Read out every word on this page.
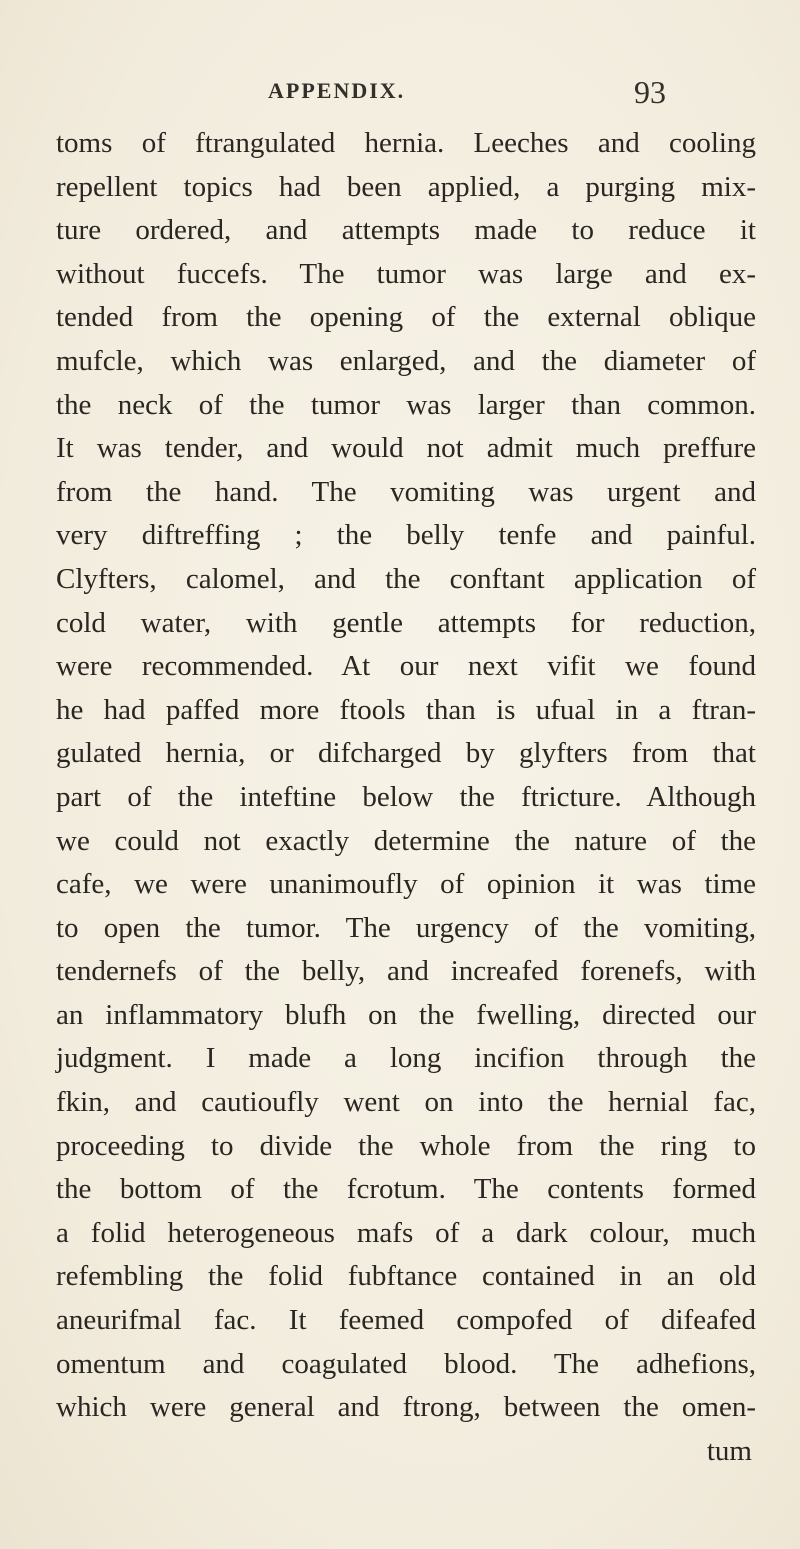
APPENDIX.	93
toms of ftrangulated hernia. Leeches and cooling
repellent topics had been applied, a purging mix-
ture ordered, and attempts made to reduce it
without fuccefs. The tumor was large and ex-
tended from the opening of the external oblique
mufcle, which was enlarged, and the diameter of
the neck of the tumor was larger than common.
It was tender, and would not admit much preffure
from the hand. The vomiting was urgent and
very diftreffing ; the belly tenfe and painful.
Clyfters, calomel, and the conftant application of
cold water, with gentle attempts for reduction,
were recommended. At our next vifit we found
he had paffed more ftools than is ufual in a ftran-
gulated hernia, or difcharged by glyfters from that
part of the inteftine below the ftricture. Although
we could not exactly determine the nature of the
cafe, we were unanimoufly of opinion it was time
to open the tumor. The urgency of the vomiting,
tendernefs of the belly, and increafed forenefs, with
an inflammatory blufh on the fwelling, directed our
judgment. I made a long incifion through the
fkin, and cautioufly went on into the hernial fac,
proceeding to divide the whole from the ring to
the bottom of the fcrotum. The contents formed
a folid heterogeneous mafs of a dark colour, much
refembling the folid fubftance contained in an old
aneurifmal fac. It feemed compofed of difeafed
omentum and coagulated blood. The adhefions,
which were general and ftrong, between the omen-
tum
